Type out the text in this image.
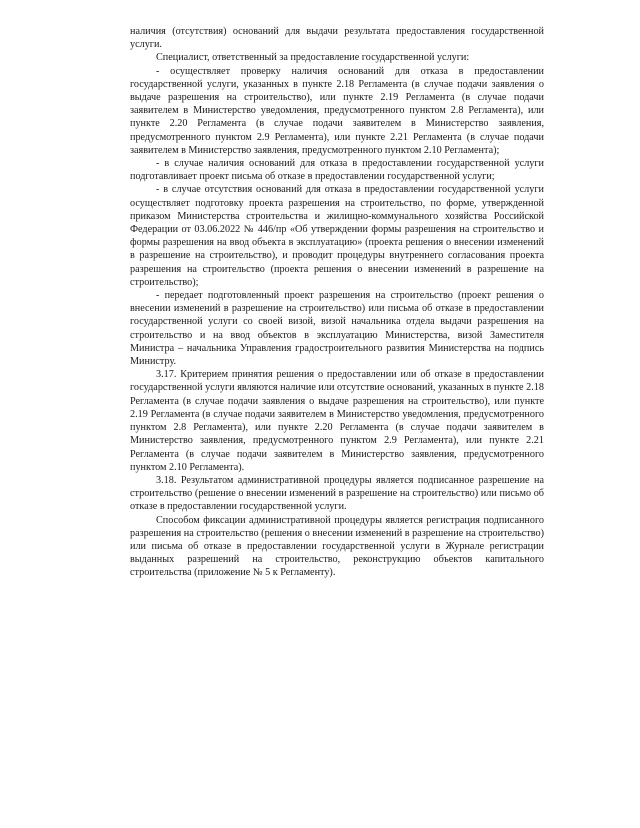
наличия (отсутствия) оснований для выдачи результата предоставления государственной услуги.

Специалист, ответственный за предоставление государственной услуги:

- осуществляет проверку наличия оснований для отказа в предоставлении государственной услуги, указанных в пункте 2.18 Регламента (в случае подачи заявления о выдаче разрешения на строительство), или пункте 2.19 Регламента (в случае подачи заявителем в Министерство уведомления, предусмотренного пунктом 2.8 Регламента), или пункте 2.20 Регламента (в случае подачи заявителем в Министерство заявления, предусмотренного пунктом 2.9 Регламента), или пункте 2.21 Регламента (в случае подачи заявителем в Министерство заявления, предусмотренного пунктом 2.10 Регламента);

- в случае наличия оснований для отказа в предоставлении государственной услуги подготавливает проект письма об отказе в предоставлении государственной услуги;

- в случае отсутствия оснований для отказа в предоставлении государственной услуги осуществляет подготовку проекта разрешения на строительство, по форме, утвержденной приказом Министерства строительства и жилищно-коммунального хозяйства Российской Федерации от 03.06.2022 № 446/пр «Об утверждении формы разрешения на строительство и формы разрешения на ввод объекта в эксплуатацию» (проекта решения о внесении изменений в разрешение на строительство), и проводит процедуры внутреннего согласования проекта разрешения на строительство (проекта решения о внесении изменений в разрешение на строительство);

- передает подготовленный проект разрешения на строительство (проект решения о внесении изменений в разрешение на строительство) или письма об отказе в предоставлении государственной услуги со своей визой, визой начальника отдела выдачи разрешения на строительство и на ввод объектов в эксплуатацию Министерства, визой Заместителя Министра – начальника Управления градостроительного развития Министерства на подпись Министру.

3.17. Критерием принятия решения о предоставлении или об отказе в предоставлении государственной услуги являются наличие или отсутствие оснований, указанных в пункте 2.18 Регламента (в случае подачи заявления о выдаче разрешения на строительство), или пункте 2.19 Регламента (в случае подачи заявителем в Министерство уведомления, предусмотренного пунктом 2.8 Регламента), или пункте 2.20 Регламента (в случае подачи заявителем в Министерство заявления, предусмотренного пунктом 2.9 Регламента), или пункте 2.21 Регламента (в случае подачи заявителем в Министерство заявления, предусмотренного пунктом 2.10 Регламента).

3.18. Результатом административной процедуры является подписанное разрешение на строительство (решение о внесении изменений в разрешение на строительство) или письмо об отказе в предоставлении государственной услуги.

Способом фиксации административной процедуры является регистрация подписанного разрешения на строительство (решения о внесении изменений в разрешение на строительство) или письма об отказе в предоставлении государственной услуги в Журнале регистрации выданных разрешений на строительство, реконструкцию объектов капитального строительства (приложение № 5 к Регламенту).
